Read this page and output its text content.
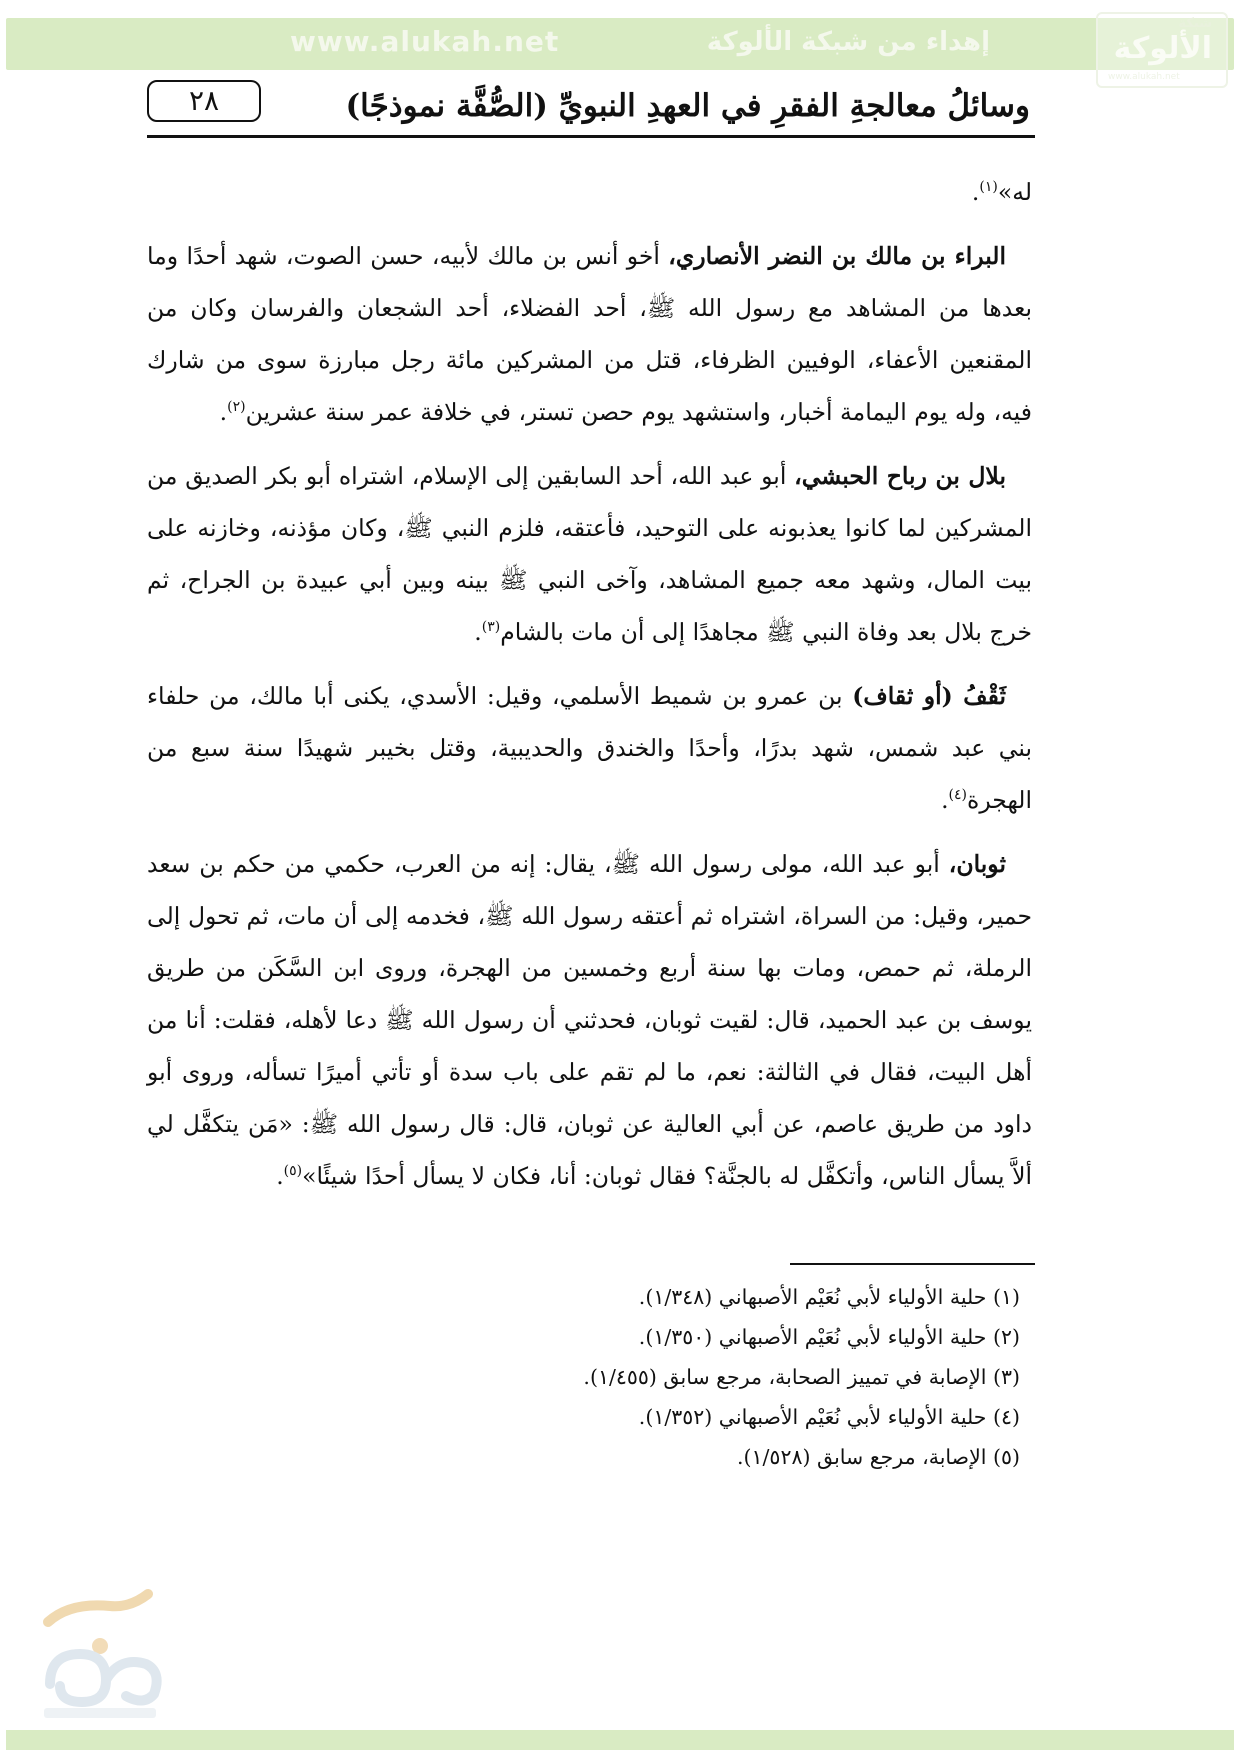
www.alukah.net	إهداء من شبكة الألوكة
شبكة
الألوكة
www.alukah.net
٢٨	وسائلُ معالجةِ الفقرِ في العهدِ النبويِّ (الصُّفَّة نموذجًا)

له»$^{(١)}$.

البراء بن مالك بن النضر الأنصاري، أخو أنس بن مالك لأبيه، حسن الصوت، شهد أحدًا وما بعدها من المشاهد مع رسول الله ﷺ، أحد الفضلاء، أحد الشجعان والفرسان وكان من المقنعين الأعفاء، الوفيين الظرفاء، قتل من المشركين مائة رجل مبارزة سوى من شارك فيه، وله يوم اليمامة أخبار، واستشهد يوم حصن تستر، في خلافة عمر سنة عشرين$^{(٢)}$.

بلال بن رباح الحبشي، أبو عبد الله، أحد السابقين إلى الإسلام، اشتراه أبو بكر الصديق من المشركين لما كانوا يعذبونه على التوحيد، فأعتقه، فلزم النبي ﷺ، وكان مؤذنه، وخازنه على بيت المال، وشهد معه جميع المشاهد، وآخى النبي ﷺ بينه وبين أبي عبيدة بن الجراح، ثم خرج بلال بعد وفاة النبي ﷺ مجاهدًا إلى أن مات بالشام$^{(٣)}$.

ثَقْفُ (أو ثقاف) بن عمرو بن شميط الأسلمي، وقيل: الأسدي، يكنى أبا مالك، من حلفاء بني عبد شمس، شهد بدرًا، وأحدًا والخندق والحديبية، وقتل بخيبر شهيدًا سنة سبع من الهجرة$^{(٤)}$.

ثوبان، أبو عبد الله، مولى رسول الله ﷺ، يقال: إنه من العرب، حكمي من حكم بن سعد حمير، وقيل: من السراة، اشتراه ثم أعتقه رسول الله ﷺ، فخدمه إلى أن مات، ثم تحول إلى الرملة، ثم حمص، ومات بها سنة أربع وخمسين من الهجرة، وروى ابن السَّكَن من طريق يوسف بن عبد الحميد، قال: لقيت ثوبان، فحدثني أن رسول الله ﷺ دعا لأهله، فقلت: أنا من أهل البيت، فقال في الثالثة: نعم، ما لم تقم على باب سدة أو تأتي أميرًا تسأله، وروى أبو داود من طريق عاصم، عن أبي العالية عن ثوبان، قال: قال رسول الله ﷺ: «مَن يتكفَّل لي ألاَّ يسأل الناس، وأتكفَّل له بالجنَّة؟ فقال ثوبان: أنا، فكان لا يسأل أحدًا شيئًا»$^{(٥)}$.

(١) حلية الأولياء لأبي نُعَيْم الأصبهاني (١/٣٤٨).
(٢) حلية الأولياء لأبي نُعَيْم الأصبهاني (١/٣٥٠).
(٣) الإصابة في تمييز الصحابة، مرجع سابق (١/٤٥٥).
(٤) حلية الأولياء لأبي نُعَيْم الأصبهاني (١/٣٥٢).
(٥) الإصابة، مرجع سابق (١/٥٢٨).
